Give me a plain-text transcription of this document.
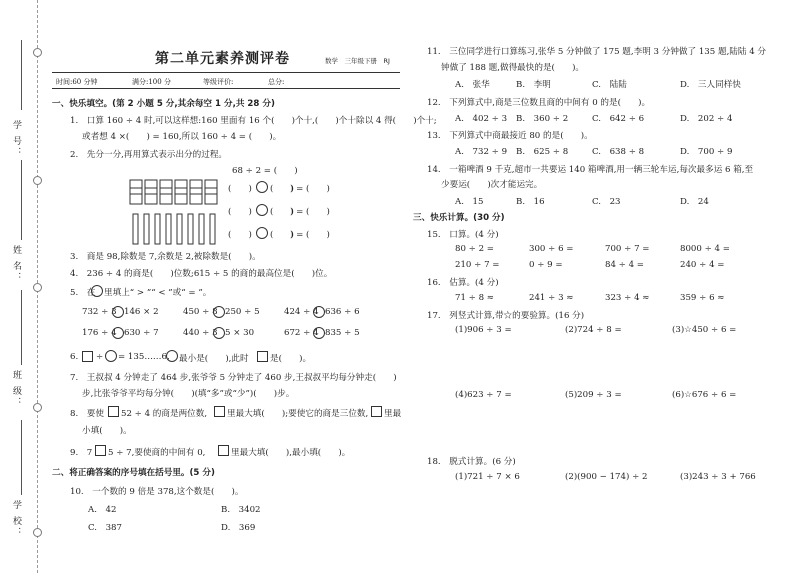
学 号：
姓 名：
班 级：
学 校：
第二单元素养测评卷	数学　三年级下册　RJ
时间:60 分钟	满分:100 分	等级评价:	总分:
一、快乐填空。(第 2 小题 5 分,其余每空 1 分,共 28 分)
1.　口算 160 ÷ 4 时,可以这样想:160 里面有 16 个(　　)个十,(　　)个十除以 4 得(　　)个十;
或者想 4 ×(　　) = 160,所以 160 ÷ 4 = (　　)。
2.　先分一分,再用算式表示出分的过程。
68 ÷ 2 = (　　)
(　　) (　　)
) = (　　)
(　　) (　　)
) = (　　)
(　　) (　　)
) = (　　)
3.　商是 98,除数是 7,余数是 2,被除数是(　　)。
4.　236 ÷ 4 的商是(　　)位数;615 ÷ 5 的商的最高位是(　　)位。
5.　在 里填上“ > ”“ < ”或“ = ”。
732 ÷ 3 146 × 2	450 ÷ 8 250 ÷ 5	424 ÷ 4 636 ÷ 6
176 ÷ 4 630 ÷ 7	440 ÷ 3 5 × 30	672 ÷ 4 835 ÷ 5
6. ÷ = 135……6, 最小是(　　),此时 是(　　)。
7.　王叔叔 4 分钟走了 464 步,张爷爷 5 分钟走了 460 步,王叔叔平均每分钟走(　　)
步,比张爷爷平均每分钟(　　)(填“多”或“少”)(　　)步。
8.　要使 52 ÷ 4 的商是两位数, 里最大填(　　);要使它的商是三位数, 里最
小填(　　)。
9.　7 5 ÷ 7,要使商的中间有 0,	里最大填(　　),最小填(　　)。
二、将正确答案的序号填在括号里。(5 分)
10.　一个数的 9 倍是 378,这个数是(　　)。
A.　42	B.　3402
C.　387	D.　369
11.　三位同学进行口算练习,张华 5 分钟做了 175 题,李明 3 分钟做了 135 题,陆陆 4 分
钟做了 188 题,做得最快的是(　　)。
A.　张华	B.　李明	C.　陆陆	D.　三人同样快
12.　下列算式中,商是三位数且商的中间有 0 的是(　　)。
A.　402 ÷ 3 B.　360 ÷ 2	C.　642 ÷ 6	D.　202 ÷ 4
13.　下列算式中商最接近 80 的是(　　)。
A.　732 ÷ 9 B.　625 ÷ 8	C.　638 ÷ 8	D.　700 ÷ 9
14.　一箱啤酒 9 千克,超市一共要运 140 箱啤酒,用一辆三轮车运,每次最多运 6 箱,至
少要运(　　)次才能运完。
A.　15	B.　16	C.　23	D.　24
三、快乐计算。(30 分)
15.　口算。(4 分)
80 ÷ 2 =	300 ÷ 6 =	700 ÷ 7 =	8000 ÷ 4 =
210 ÷ 7 =	0 ÷ 9 =	84 ÷ 4 =	240 ÷ 4 =
16.　估算。(4 分)
71 ÷ 8 ≈	241 ÷ 3 ≈	323 ÷ 4 ≈	359 ÷ 6 ≈
17.　列竖式计算,带☆的要验算。(16 分)
(1)906 ÷ 3 =	(2)724 ÷ 8 =	(3)☆450 ÷ 6 =
(4)623 ÷ 7 =	(5)209 ÷ 3 =	(6)☆676 ÷ 6 =
18.　脱式计算。(6 分)
(1)721 ÷ 7 × 6	(2)(900 − 174) ÷ 2	(3)243 ÷ 3 + 766
